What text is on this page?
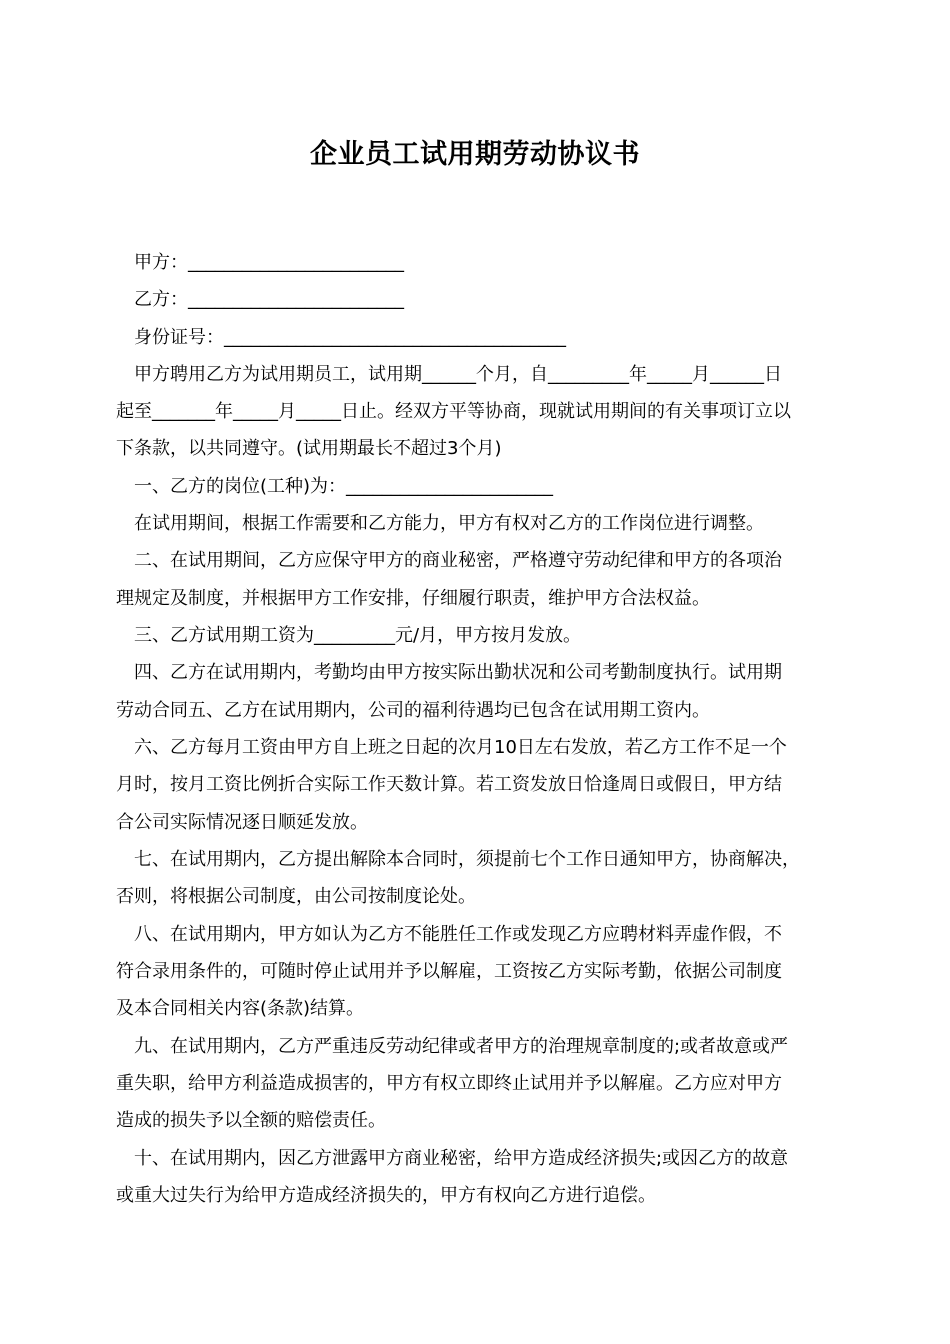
企业员工试用期劳动协议书
甲方：________________________
乙方：________________________
身份证号：______________________________________
甲方聘用乙方为试用期员工，试用期______个月，自_________年_____月______日
起至_______年_____月_____日止。经双方平等协商，现就试用期间的有关事项订立以
下条款，以共同遵守。(试用期最长不超过3个月)
一、乙方的岗位(工种)为：_______________________
在试用期间，根据工作需要和乙方能力，甲方有权对乙方的工作岗位进行调整。
二、在试用期间，乙方应保守甲方的商业秘密，严格遵守劳动纪律和甲方的各项治
理规定及制度，并根据甲方工作安排，仔细履行职责，维护甲方合法权益。
三、乙方试用期工资为_________元/月，甲方按月发放。
四、乙方在试用期内，考勤均由甲方按实际出勤状况和公司考勤制度执行。试用期
劳动合同五、乙方在试用期内，公司的福利待遇均已包含在试用期工资内。
六、乙方每月工资由甲方自上班之日起的次月10日左右发放，若乙方工作不足一个
月时，按月工资比例折合实际工作天数计算。若工资发放日恰逢周日或假日，甲方结
合公司实际情况逐日顺延发放。
七、在试用期内，乙方提出解除本合同时，须提前七个工作日通知甲方，协商解决，
否则，将根据公司制度，由公司按制度论处。
八、在试用期内，甲方如认为乙方不能胜任工作或发现乙方应聘材料弄虚作假，不
符合录用条件的，可随时停止试用并予以解雇，工资按乙方实际考勤，依据公司制度
及本合同相关内容(条款)结算。
九、在试用期内，乙方严重违反劳动纪律或者甲方的治理规章制度的;或者故意或严
重失职，给甲方利益造成损害的，甲方有权立即终止试用并予以解雇。乙方应对甲方
造成的损失予以全额的赔偿责任。
十、在试用期内，因乙方泄露甲方商业秘密，给甲方造成经济损失;或因乙方的故意
或重大过失行为给甲方造成经济损失的，甲方有权向乙方进行追偿。
